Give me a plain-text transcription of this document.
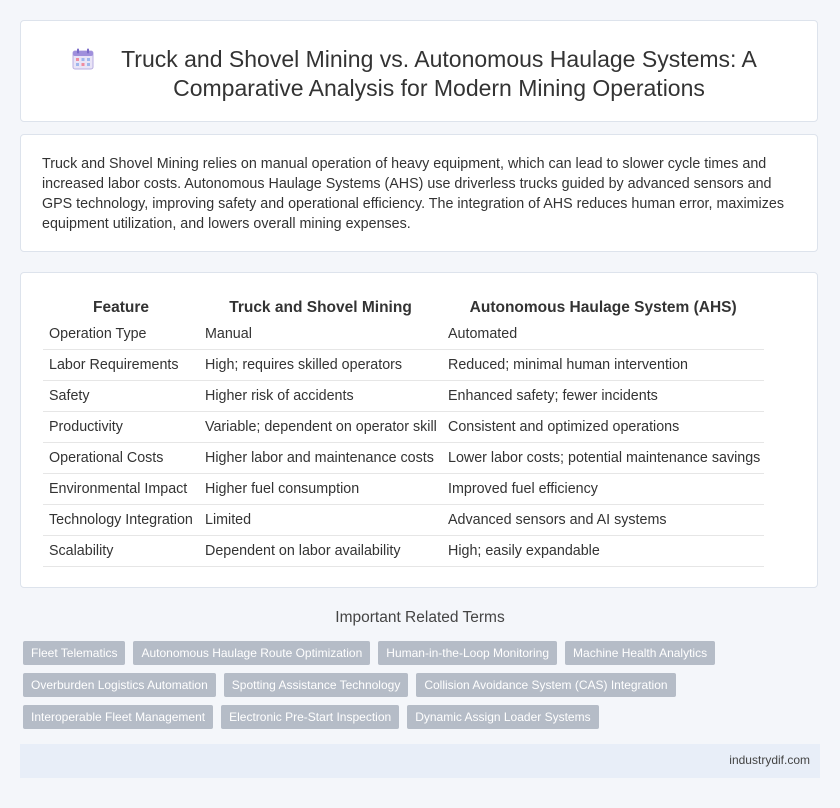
Truck and Shovel Mining vs. Autonomous Haulage Systems: A Comparative Analysis for Modern Mining Operations

Truck and Shovel Mining relies on manual operation of heavy equipment, which can lead to slower cycle times and increased labor costs. Autonomous Haulage Systems (AHS) use driverless trucks guided by advanced sensors and GPS technology, improving safety and operational efficiency. The integration of AHS reduces human error, maximizes equipment utilization, and lowers overall mining expenses.

Feature	Truck and Shovel Mining	Autonomous Haulage System (AHS)
Operation Type	Manual	Automated
Labor Requirements	High; requires skilled operators	Reduced; minimal human intervention
Safety	Higher risk of accidents	Enhanced safety; fewer incidents
Productivity	Variable; dependent on operator skill	Consistent and optimized operations
Operational Costs	Higher labor and maintenance costs	Lower labor costs; potential maintenance savings
Environmental Impact	Higher fuel consumption	Improved fuel efficiency
Technology Integration	Limited	Advanced sensors and AI systems
Scalability	Dependent on labor availability	High; easily expandable
Important Related Terms
Fleet Telematics	Autonomous Haulage Route Optimization	Human-in-the-Loop Monitoring	Machine Health Analytics
Overburden Logistics Automation	Spotting Assistance Technology	Collision Avoidance System (CAS) Integration
Interoperable Fleet Management	Electronic Pre-Start Inspection	Dynamic Assign Loader Systems
industrydif.com
